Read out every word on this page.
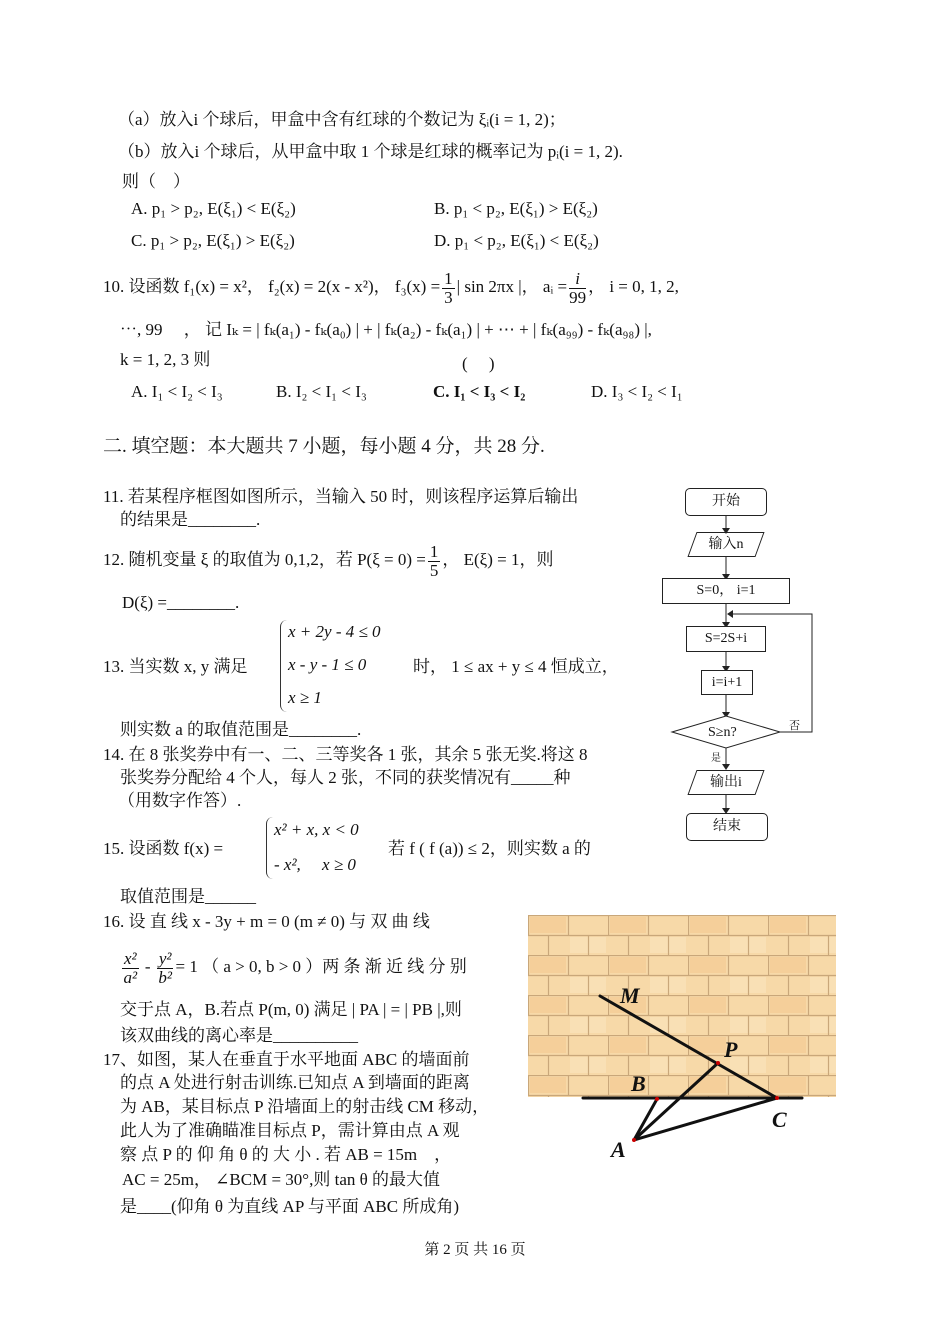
（a）放入i 个球后，甲盒中含有红球的个数记为 ξᵢ(i = 1, 2)；
（b）放入i 个球后，从甲盒中取 1 个球是红球的概率记为 pᵢ(i = 1, 2).
则（　）
A. p₁ > p₂, E(ξ₁) < E(ξ₂)	B. p₁ < p₂, E(ξ₁) > E(ξ₂)
C. p₁ > p₂, E(ξ₁) > E(ξ₂)	D. p₁ < p₂, E(ξ₁) < E(ξ₂)
10. 设函数 f₁(x) = x²， f₂(x) = 2(x - x²)， $f_3(x) = \frac{1}{3}$ | sin 2πx |， aᵢ = $\frac{i}{99}$ ， i = 0, 1, 2,
⋯, 99　 ， 记 Iₖ = | fₖ(a₁) - fₖ(a₀) | + | fₖ(a₂) - fₖ(a₁) | + ⋯ + | fₖ(a₉₉) - fₖ(a₉₈) |,
k = 1, 2, 3 则	(　 )
A. I₁ < I₂ < I₃	B. I₂ < I₁ < I₃	C. I₁ < I₃ < I₂	D. I₃ < I₂ < I₁
二. 填空题：本大题共 7 小题，每小题 4 分，共 28 分.
11. 若某程序框图如图所示，当输入 50 时，则该程序运算后输出
的结果是________.
12. 随机变量 ξ 的取值为 0,1,2，若 $P(\xi = 0) = \frac{1}{5}$ ， E(ξ) = 1，则
D(ξ) =________.
13. 当实数 x, y 满足
x + 2y - 4 ≤ 0
x - y - 1 ≤ 0
x ≥ 1
时， 1 ≤ ax + y ≤ 4 恒成立，
则实数 a 的取值范围是________.
14. 在 8 张奖券中有一、二、三等奖各 1 张，其余 5 张无奖.将这 8
张奖券分配给 4 个人，每人 2 张，不同的获奖情况有_____种
（用数字作答）.
15. 设函数 f(x) =
x² + x, x < 0
- x²,　 x ≥ 0
若 f ( f (a)) ≤ 2，则实数 a 的
取值范围是______
16. 设 直 线 x - 3y + m = 0 (m ≠ 0) 与 双 曲 线
$\frac{\text{x²}}{\text{a²}} - \frac{\text{y²}}{\text{b²}} = 1$ （ a > 0, b > 0 ）两 条 渐 近 线 分 别
交于点 A，B.若点 P(m, 0) 满足 | PA | = | PB |,则
该双曲线的离心率是__________
17、如图，某人在垂直于水平地面 ABC 的墙面前
的点 A 处进行射击训练.已知点 A 到墙面的距离
为 AB，某目标点 P 沿墙面上的射击线 CM 移动，
此人为了准确瞄准目标点 P，需计算由点 A 观
察 点 P 的 仰 角 θ 的 大 小 . 若 AB = 15m　，
AC = 25m， ∠BCM = 30°,则 tan θ 的最大值
是____(仰角 θ 为直线 AP 与平面 ABC 所成角)
开始
输入n
S=0， i=1
S=2S+i
i=i+1
S≥n?	否
是
输出i
结束
M
P
B
C
A
第 2 页 共 16 页
